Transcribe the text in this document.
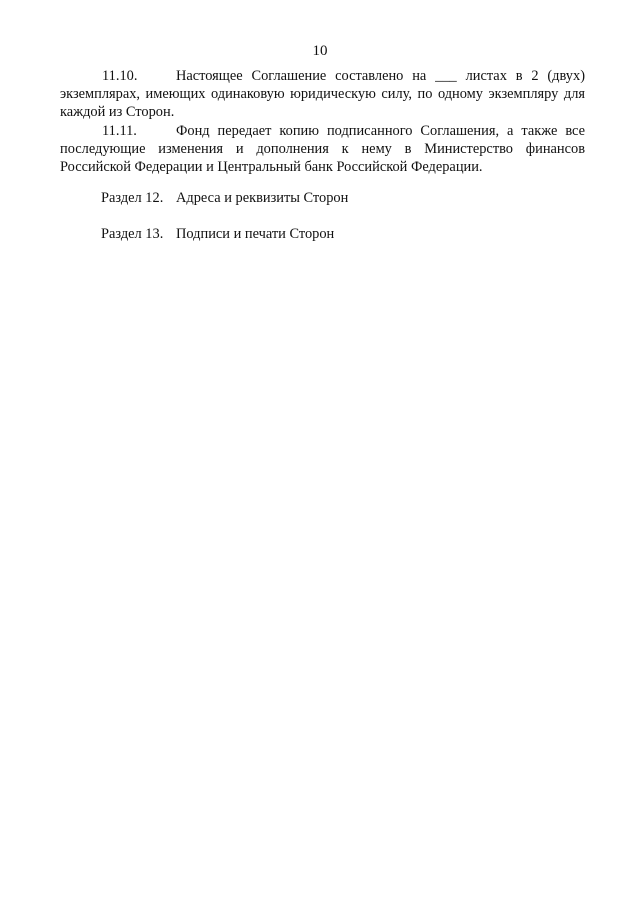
10

11.10.	Настоящее Соглашение составлено на ___ листах в 2 (двух) экземплярах, имеющих одинаковую юридическую силу, по одному экземпляру для каждой из Сторон.

11.11.	Фонд передает копию подписанного Соглашения, а также все последующие изменения и дополнения к нему в Министерство финансов Российской Федерации и Центральный банк Российской Федерации.

Раздел 12. Адреса и реквизиты Сторон
Раздел 13. Подписи и печати Сторон
